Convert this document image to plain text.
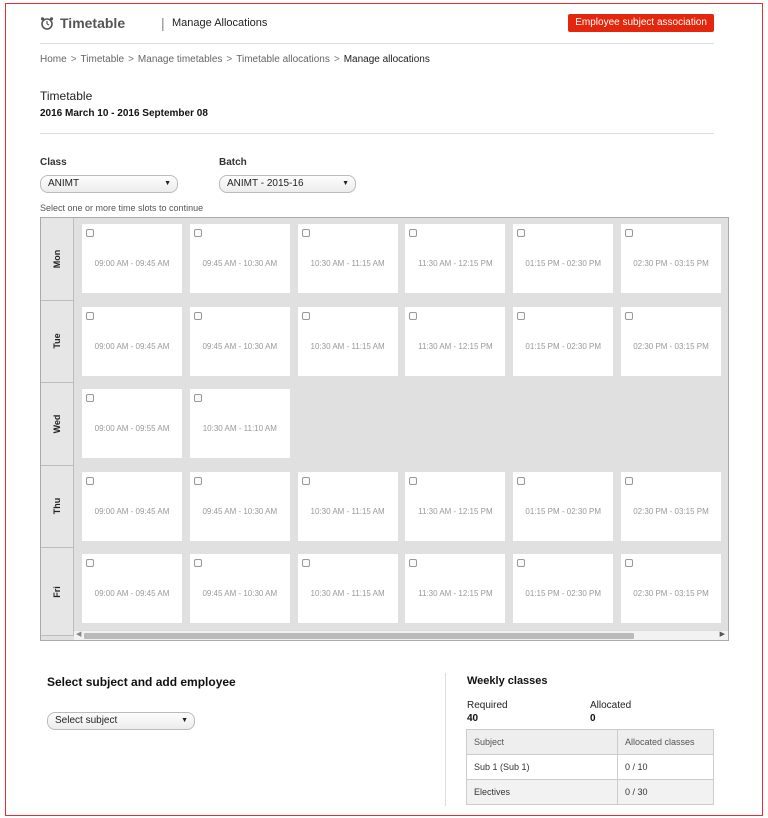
Timetable	| Manage Allocations	Employee subject association
Home > Timetable > Manage timetables > Timetable allocations > Manage allocations
Timetable
2016 March 10 - 2016 September 08
Class
ANIMT	▼
Batch
ANIMT - 2015-16	▼
Select one or more time slots to continue
◀	▶
Mon	09:00 AM - 09:45 AM	09:45 AM - 10:30 AM	10:30 AM - 11:15 AM	11:30 AM - 12:15 PM	01:15 PM - 02:30 PM	02:30 PM - 03:15 PM
Tue	09:00 AM - 09:45 AM	09:45 AM - 10:30 AM	10:30 AM - 11:15 AM	11:30 AM - 12:15 PM	01:15 PM - 02:30 PM	02:30 PM - 03:15 PM
Wed	09:00 AM - 09:55 AM	10:30 AM - 11:10 AM
Thu	09:00 AM - 09:45 AM	09:45 AM - 10:30 AM	10:30 AM - 11:15 AM	11:30 AM - 12:15 PM	01:15 PM - 02:30 PM	02:30 PM - 03:15 PM
Fri	09:00 AM - 09:45 AM	09:45 AM - 10:30 AM	10:30 AM - 11:15 AM	11:30 AM - 12:15 PM	01:15 PM - 02:30 PM	02:30 PM - 03:15 PM
Select subject and add employee
Select subject	▼
Weekly classes
Required
40
Allocated
0
Subject	Allocated classes
Sub 1 (Sub 1)	0 / 10
Electives	0 / 30
